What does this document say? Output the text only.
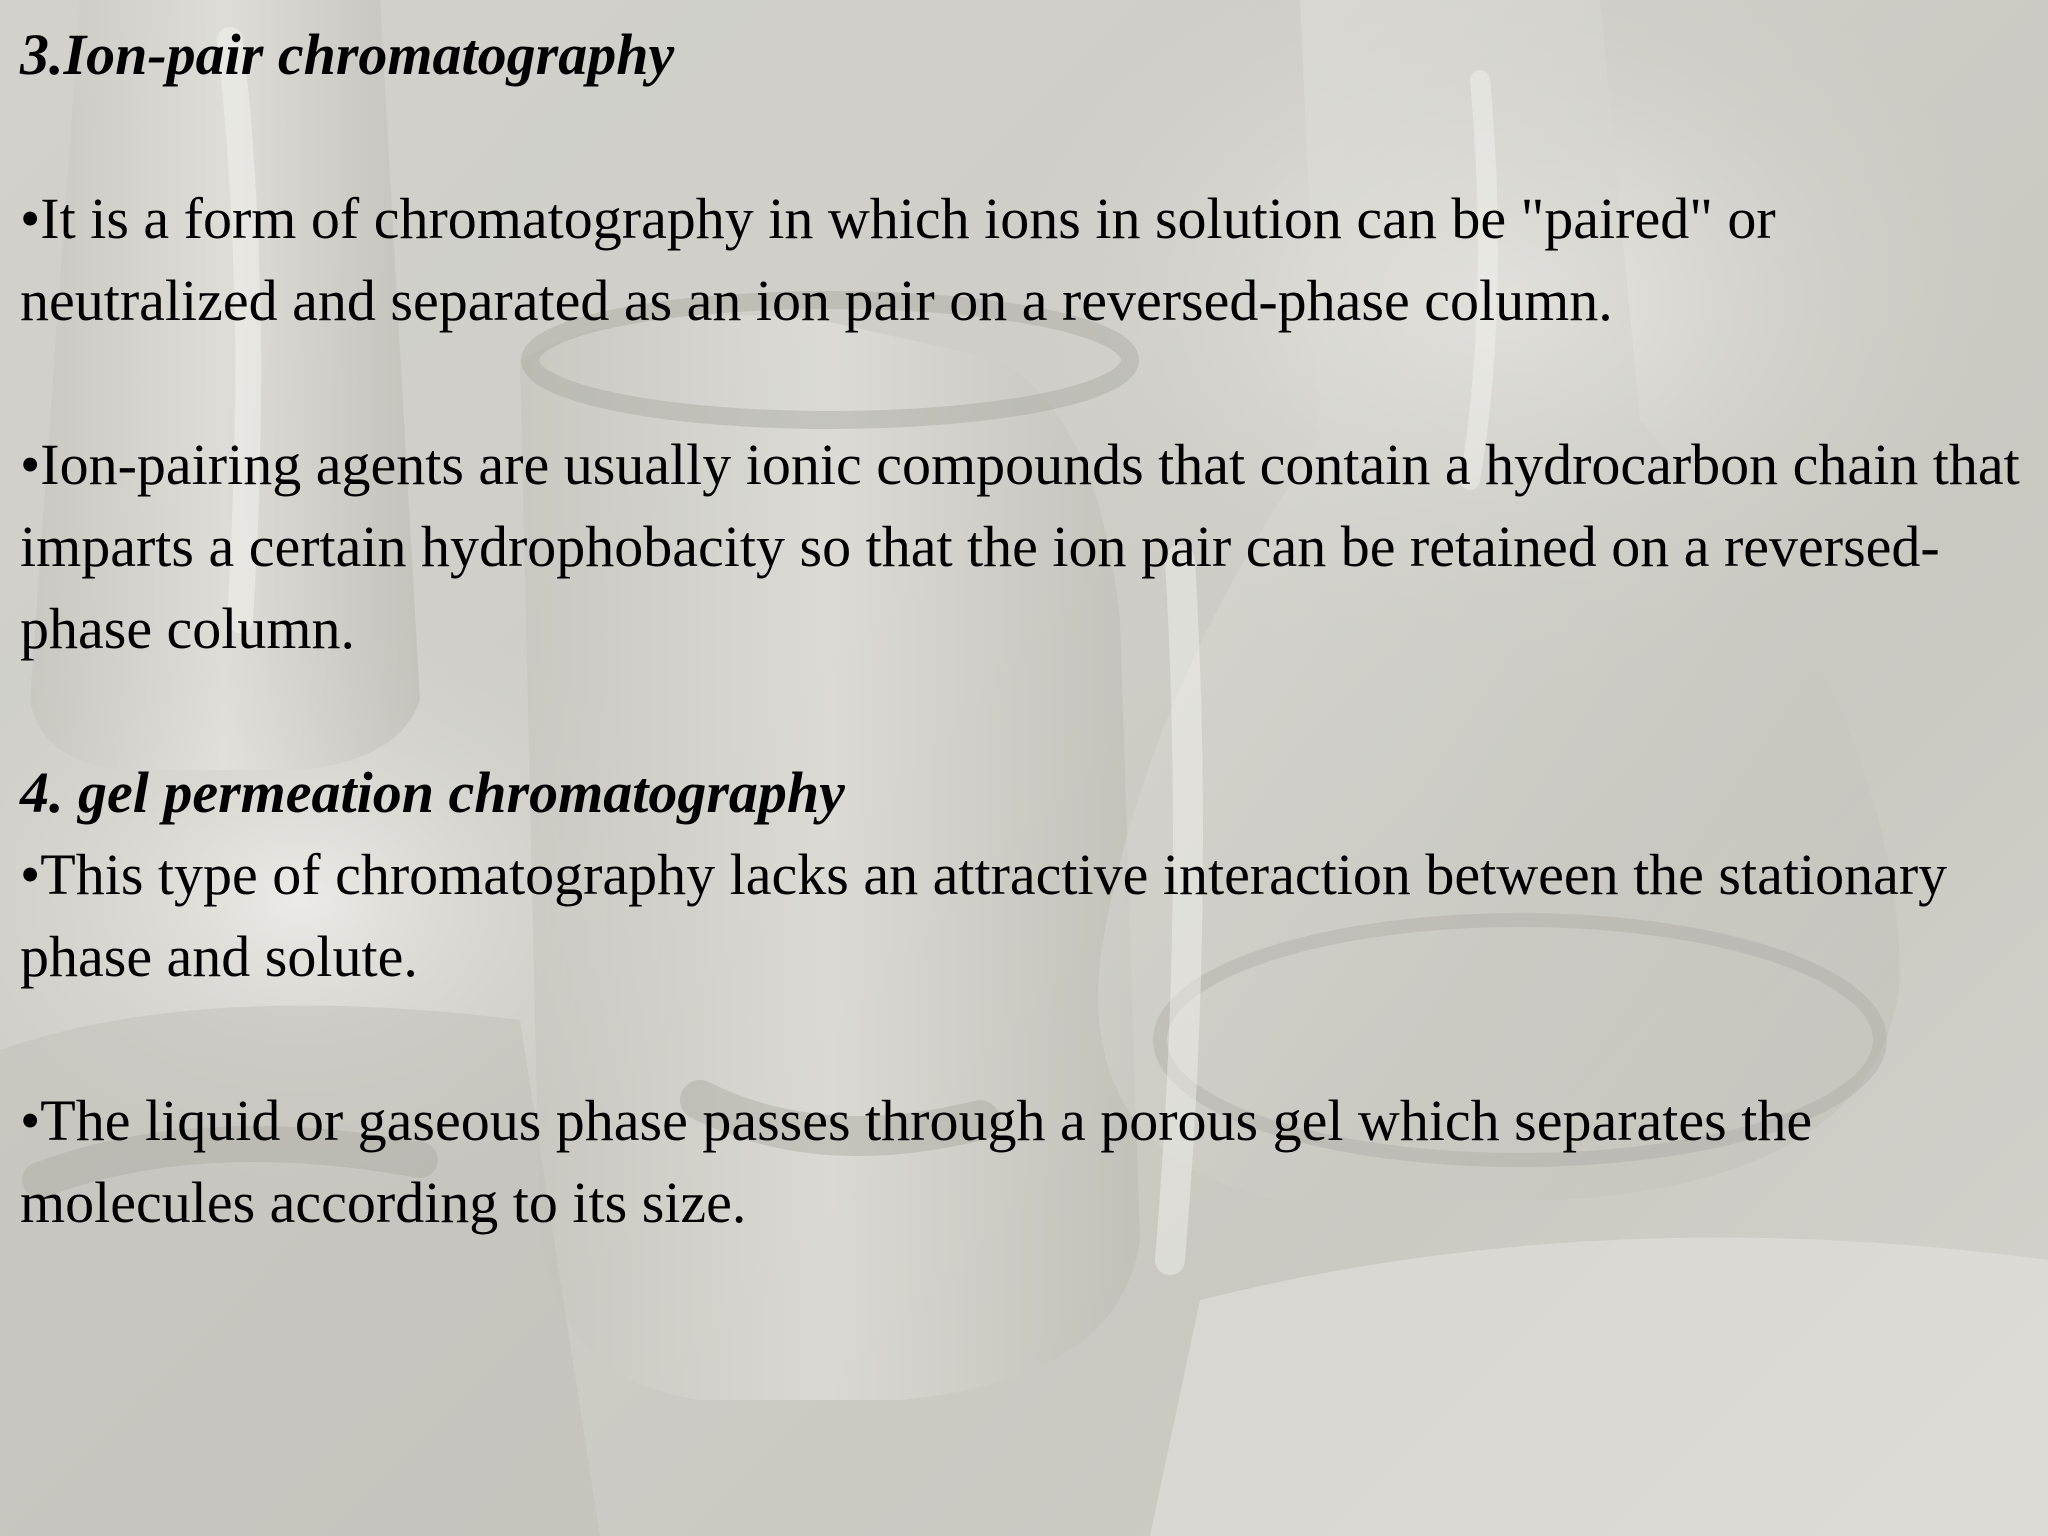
3.Ion-pair chromatography

•It is a form of chromatography in which ions in solution can be "paired" or neutralized and separated as an ion pair on a reversed-phase column.

•Ion-pairing agents are usually ionic compounds that contain a hydrocarbon chain that imparts a certain hydrophobacity so that the ion pair can be retained on a reversed-phase column.

4. gel permeation chromatography

•This type of chromatography lacks an attractive interaction between the stationary phase and solute.

•The liquid or gaseous phase passes through a porous gel which separates the molecules according to its size.
